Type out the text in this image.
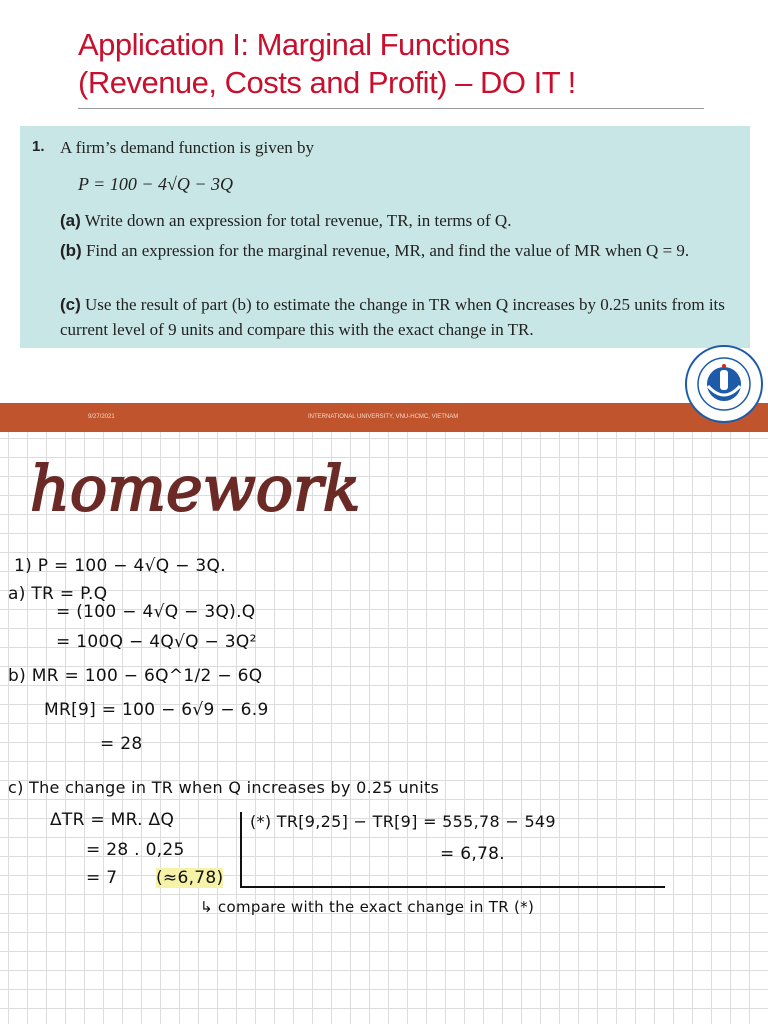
Application I: Marginal Functions
(Revenue, Costs and Profit) – DO IT !
1. A firm’s demand function is given by
P = 100 − 4√Q − 3Q
(a) Write down an expression for total revenue, TR, in terms of Q.
(b) Find an expression for the marginal revenue, MR, and find the value of MR when Q = 9.
(c) Use the result of part (b) to estimate the change in TR when Q increases by 0.25 units from its current level of 9 units and compare this with the exact change in TR.
9/27/2021	INTERNATIONAL UNIVERSITY, VNU-HCMC, VIETNAM
homework
1) P = 100 − 4√Q − 3Q.
a) TR = P.Q
= (100 − 4√Q − 3Q).Q
= 100Q − 4Q√Q − 3Q²
b) MR = 100 − 6Q^1/2 − 6Q
MR[9] = 100 − 6√9 − 6.9
= 28
c) The change in TR when Q increases by 0.25 units
ΔTR = MR. ΔQ
= 28 . 0,25
= 7 (≈6,78)
(*) TR[9,25] − TR[9] = 555,78 − 549
= 6,78.
↳ compare with the exact change in TR (*)
